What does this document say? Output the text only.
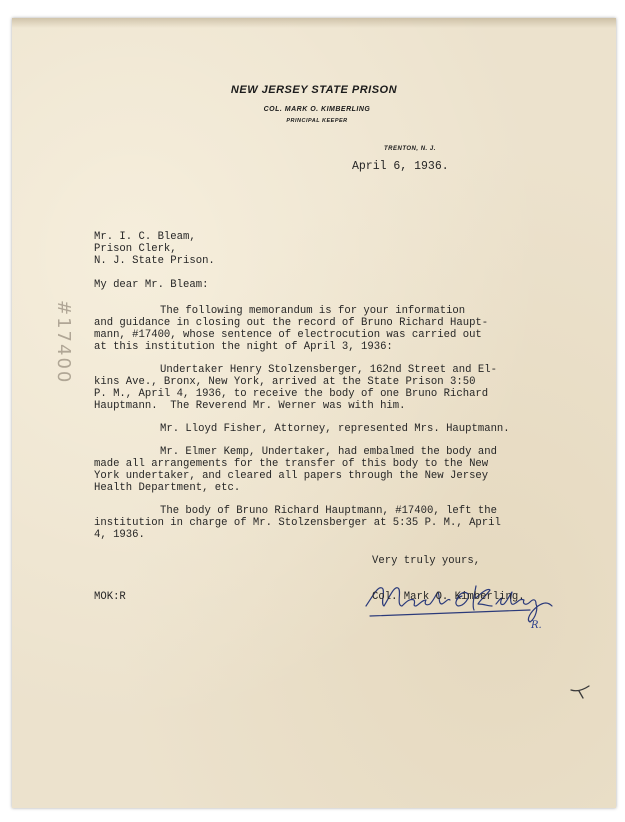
NEW JERSEY STATE PRISON
COL. MARK O. KIMBERLING
PRINCIPAL KEEPER
TRENTON, N. J.
April 6, 1936.
Mr. I. C. Bleam,
Prison Clerk,
N. J. State Prison.
My dear Mr. Bleam:
The following memorandum is for your information
and guidance in closing out the record of Bruno Richard Haupt-
mann, #17400, whose sentence of electrocution was carried out
at this institution the night of April 3, 1936:
Undertaker Henry Stolzensberger, 162nd Street and El-
kins Ave., Bronx, New York, arrived at the State Prison 3:50
P. M., April 4, 1936, to receive the body of one Bruno Richard
Hauptmann.  The Reverend Mr. Werner was with him.
Mr. Lloyd Fisher, Attorney, represented Mrs. Hauptmann.
Mr. Elmer Kemp, Undertaker, had embalmed the body and
made all arrangements for the transfer of this body to the New
York undertaker, and cleared all papers through the New Jersey
Health Department, etc.
The body of Bruno Richard Hauptmann, #17400, left the
institution in charge of Mr. Stolzensberger at 5:35 P. M., April
4, 1936.
Very truly yours,
Col. Mark O. Kimberling.
R.
MOK:R
#17400
